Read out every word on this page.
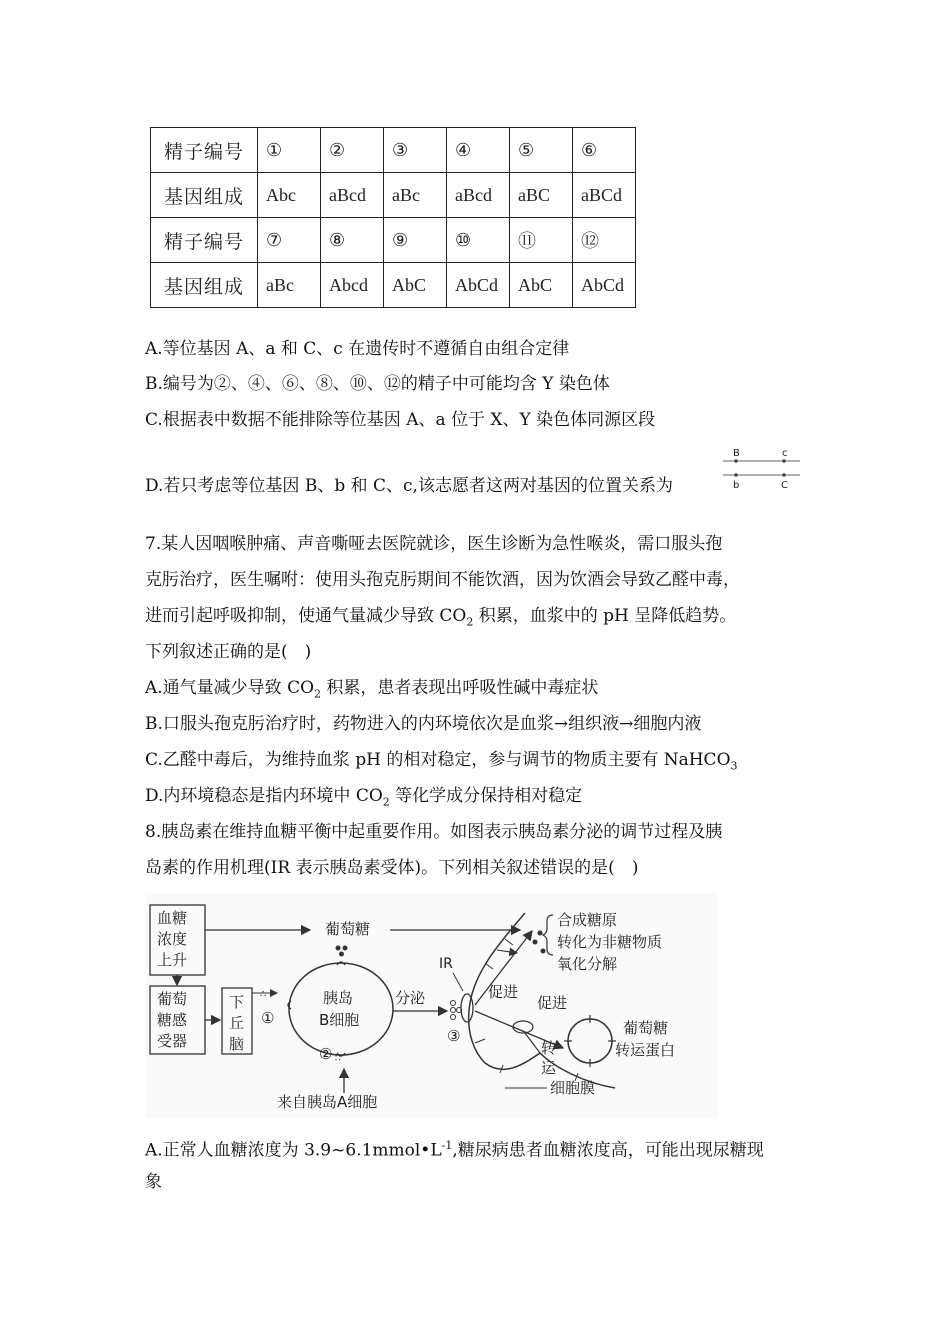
精子编号	①	②	③	④	⑤	⑥
基因组成	Abc	aBcd	aBc	aBcd	aBC	aBCd
精子编号	⑦	⑧	⑨	⑩	⑪	⑫
基因组成	aBc	Abcd	AbC	AbCd	AbC	AbCd
A.等位基因 A、a 和 C、c 在遗传时不遵循自由组合定律
B.编号为②、④、⑥、⑧、⑩、⑫的精子中可能均含 Y 染色体
C.根据表中数据不能排除等位基因 A、a 位于 X、Y 染色体同源区段
D.若只考虑等位基因 B、b 和 C、c,该志愿者这两对基因的位置关系为
B	c
b	C
7.某人因咽喉肿痛、声音嘶哑去医院就诊，医生诊断为急性喉炎，需口服头孢
克肟治疗，医生嘱咐：使用头孢克肟期间不能饮酒，因为饮酒会导致乙醛中毒，
进而引起呼吸抑制，使通气量减少导致 $CO_2$ 积累，血浆中的 pH 呈降低趋势。
下列叙述正确的是(　)
A.通气量减少导致 $CO_2$ 积累，患者表现出呼吸性碱中毒症状
B.口服头孢克肟治疗时，药物进入的内环境依次是血浆→组织液→细胞内液
C.乙醛中毒后，为维持血浆 pH 的相对稳定，参与调节的物质主要有 NaHCO$_3$
D.内环境稳态是指内环境中 $CO_2$ 等化学成分保持相对稳定
8.胰岛素在维持血糖平衡中起重要作用。如图表示胰岛素分泌的调节过程及胰
岛素的作用机理(IR 表示胰岛素受体)。下列相关叙述错误的是(　)
血糖
浓度
上升
葡萄
糖感
受器
下
丘
脑
葡萄糖
∴
①
胰岛
B细胞
② ∷
来自胰岛A细胞
分泌
③
IR
促进
促进
合成糖原
转化为非糖物质
氧化分解
葡萄糖
转运蛋白
转
运
细胞膜
A.正常人血糖浓度为 $3.9\sim 6.1mmol•L^{-1}$,糖尿病患者血糖浓度高，可能出现尿糖现
象
